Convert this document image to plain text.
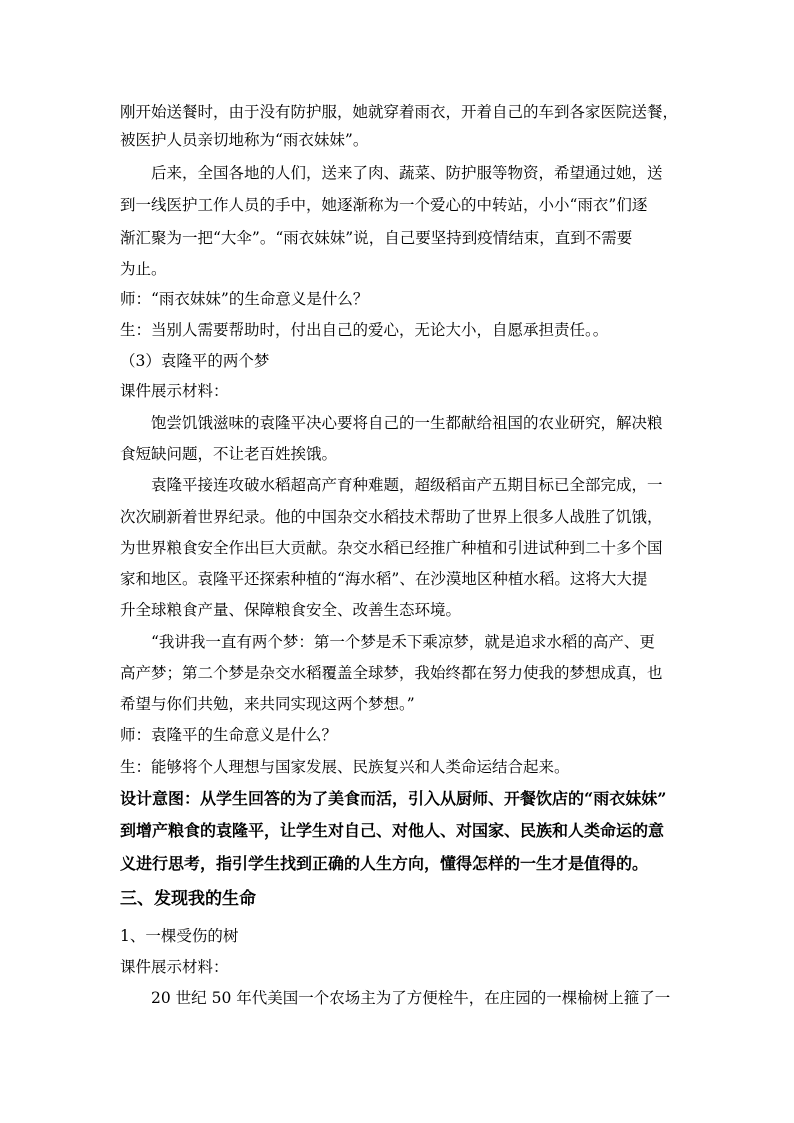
刚开始送餐时，由于没有防护服，她就穿着雨衣，开着自己的车到各家医院送餐，
被医护人员亲切地称为“雨衣妹妹”。
后来，全国各地的人们，送来了肉、蔬菜、防护服等物资，希望通过她，送
到一线医护工作人员的手中，她逐渐称为一个爱心的中转站，小小“雨衣”们逐
渐汇聚为一把“大伞”。“雨衣妹妹”说，自己要坚持到疫情结束，直到不需要
为止。
师：“雨衣妹妹”的生命意义是什么？
生：当别人需要帮助时，付出自己的爱心，无论大小，自愿承担责任。。
（3）袁隆平的两个梦
课件展示材料：
饱尝饥饿滋味的袁隆平决心要将自己的一生都献给祖国的农业研究，解决粮
食短缺问题，不让老百姓挨饿。
袁隆平接连攻破水稻超高产育种难题，超级稻亩产五期目标已全部完成，一
次次刷新着世界纪录。他的中国杂交水稻技术帮助了世界上很多人战胜了饥饿，
为世界粮食安全作出巨大贡献。杂交水稻已经推广种植和引进试种到二十多个国
家和地区。袁隆平还探索种植的“海水稻”、在沙漠地区种植水稻。这将大大提
升全球粮食产量、保障粮食安全、改善生态环境。
“我讲我一直有两个梦：第一个梦是禾下乘凉梦，就是追求水稻的高产、更
高产梦；第二个梦是杂交水稻覆盖全球梦，我始终都在努力使我的梦想成真，也
希望与你们共勉，来共同实现这两个梦想。”
师：袁隆平的生命意义是什么？
生：能够将个人理想与国家发展、民族复兴和人类命运结合起来。
设计意图：从学生回答的为了美食而活，引入从厨师、开餐饮店的“雨衣妹妹”
到增产粮食的袁隆平，让学生对自己、对他人、对国家、民族和人类命运的意
义进行思考，指引学生找到正确的人生方向，懂得怎样的一生才是值得的。
三、发现我的生命
1、一棵受伤的树
课件展示材料：
20 世纪 50 年代美国一个农场主为了方便栓牛，在庄园的一棵榆树上箍了一
